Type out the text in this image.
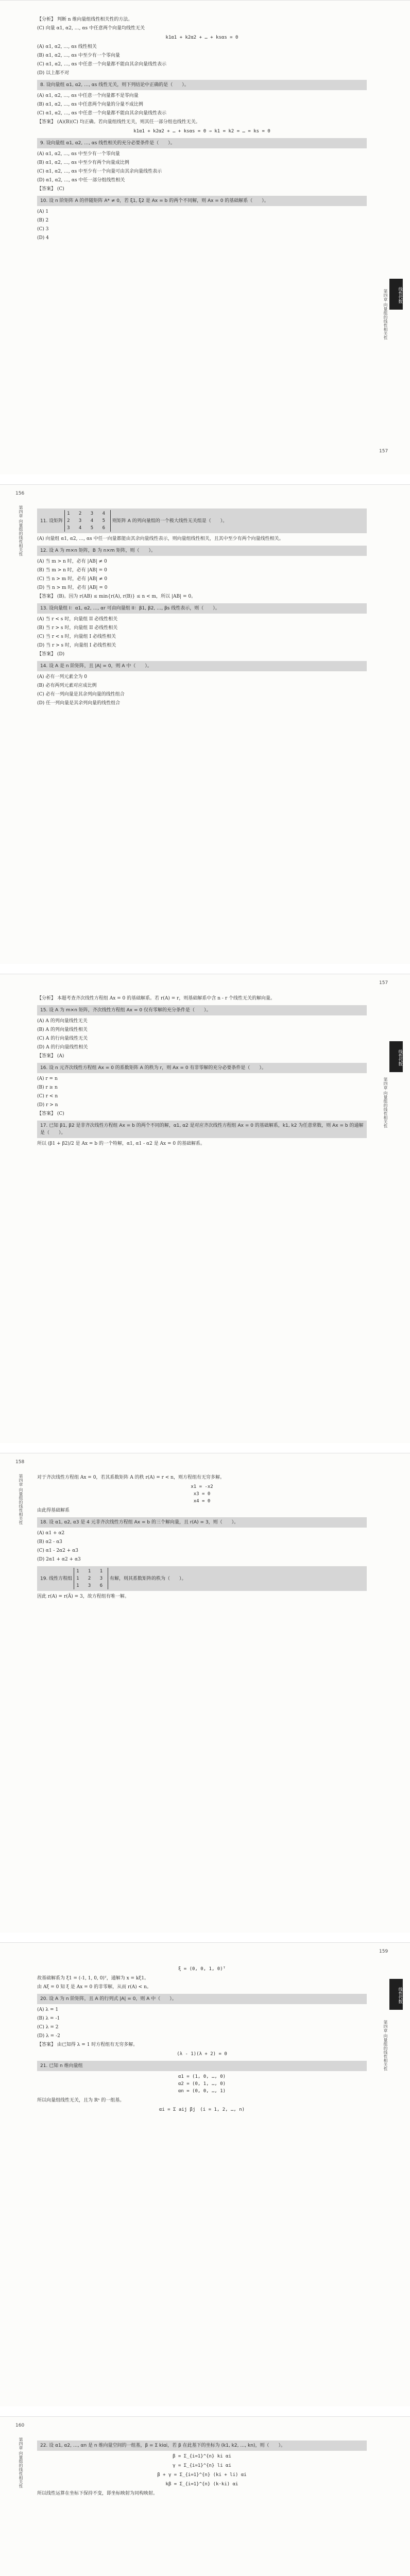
线性代数
第四章 向量组的线性相关性
157

【分析】 判断 n 维向量组线性相关性的方法。

(C) 向量 α1, α2, …, αs 中任意两个向量均线性无关

k1α1 + k2α2 + … + ksαs = 0

(A) α1, α2, …, αs 线性相关

(B) α1, α2, …, αs 中至少有一个零向量

(C) α1, α2, …, αs 中任意一个向量都不能由其余向量线性表示

(D) 以上都不对

8. 设向量组 α1, α2, …, αs 线性无关，则下列结论中正确的是（　　）。

(A) α1, α2, …, αs 中任意一个向量都不是零向量

(B) α1, α2, …, αs 中任意两个向量的分量不成比例

(C) α1, α2, …, αs 中任意一个向量都不能由其余向量线性表示

【答案】 (A)(B)(C) 均正确。若向量组线性无关，则其任一部分组也线性无关。

k1α1 + k2α2 + … + ksαs = 0 ⇒ k1 = k2 = … = ks = 0
9. 设向量组 α1, α2, …, αs 线性相关的充分必要条件是（　　）。

(A) α1, α2, …, αs 中至少有一个零向量

(B) α1, α2, …, αs 中至少有两个向量成比例

(C) α1, α2, …, αs 中至少有一个向量可由其余向量线性表示

(D) α1, α2, …, αs 中任一部分组线性相关

【答案】 (C)

10. 设 n 阶矩阵 A 的伴随矩阵 A* ≠ 0，若 ξ1, ξ2 是 Ax = b 的两个不同解，则 Ax = 0 的基础解系（　　）。

(A) 1

(B) 2

(C) 3

(D) 4

156
第四章 向量组的线性相关性	11. 设矩阵
1 2 3 4
2 3 4 5
3 4 5 6
则矩阵 A 的列向量组的一个极大线性无关组是（　　）。

(A) 向量组 α1, α2, …, αs 中任一向量都能由其余向量线性表示，则向量组线性相关，且其中至少有两个向量线性相关。

12. 设 A 为 m×n 矩阵，B 为 n×m 矩阵，则（　　）。

(A) 当 m > n 时，必有 |AB| ≠ 0

(B) 当 m > n 时，必有 |AB| = 0

(C) 当 n > m 时，必有 |AB| ≠ 0

(D) 当 n > m 时，必有 |AB| = 0

【答案】 (B)。因为 r(AB) ≤ min{r(A), r(B)} ≤ n < m，所以 |AB| = 0。

13. 设向量组 I：α1, α2, …, αr 可由向量组 II：β1, β2, …, βs 线性表示，则（　　）。

(A) 当 r < s 时，向量组 II 必线性相关

(B) 当 r > s 时，向量组 II 必线性相关

(C) 当 r < s 时，向量组 I 必线性相关

(D) 当 r > s 时，向量组 I 必线性相关

【答案】 (D)

14. 设 A 是 n 阶矩阵，且 |A| = 0，则 A 中（　　）。

(A) 必有一列元素全为 0

(B) 必有两列元素对应成比例

(C) 必有一列向量是其余列向量的线性组合

(D) 任一列向量是其余列向量的线性组合

线性代数
第四章 向量组的线性相关性
157

【分析】 本题考查齐次线性方程组 Ax = 0 的基础解系。若 r(A) = r，则基础解系中含 n - r 个线性无关的解向量。

15. 设 A 为 m×n 矩阵，齐次线性方程组 Ax = 0 仅有零解的充分条件是（　　）。

(A) A 的列向量线性无关

(B) A 的列向量线性相关

(C) A 的行向量线性无关

(D) A 的行向量线性相关

【答案】 (A)

16. 设 n 元齐次线性方程组 Ax = 0 的系数矩阵 A 的秩为 r，则 Ax = 0 有非零解的充分必要条件是（　　）。

(A) r = n

(B) r ≥ n

(C) r < n

(D) r > n

【答案】 (C)

17. 已知 β1, β2 是非齐次线性方程组 Ax = b 的两个不同的解，α1, α2 是对应齐次线性方程组 Ax = 0 的基础解系，k1, k2 为任意常数，则 Ax = b 的通解是（　　）。

所以 (β1 + β2)/2 是 Ax = b 的一个特解，α1, α1 - α2 是 Ax = 0 的基础解系。

158
第四章 向量组的线性相关性	对于齐次线性方程组 Ax = 0，若其系数矩阵 A 的秩 r(A) = r < n，则方程组有无穷多解。

x1 = -x2
x3 = 0
x4 = 0

由此得基础解系

18. 设 α1, α2, α3 是 4 元非齐次线性方程组 Ax = b 的三个解向量，且 r(A) = 3，则（　　）。

(A) α1 + α2

(B) α2 - α3

(C) α1 - 2α2 + α3

(D) 2α1 + α2 + α3

19. 线性方程组
1 1 1
1 2 3
1 3 6
有解，则其系数矩阵的秩为（　　）。

因此 r(A) = r(Ā) = 3，故方程组有唯一解。

线性代数
第四章 向量组的线性相关性
159
ξ = (0, 0, 1, 0)ᵀ

故基础解系为 ξ1 = (-1, 1, 0, 0)ᵀ，通解为 x = kξ1。

由 Aξ = 0 知 ξ 是 Ax = 0 的非零解，从而 r(A) < n。

20. 设 A 为 n 阶矩阵，且 A 的行列式 |A| = 0，则 A 中（　　）。

(A) λ = 1

(B) λ = -1

(C) λ = 2

(D) λ = -2

【答案】 由已知得 λ = 1 时方程组有无穷多解。

(λ - 1)(λ + 2) = 0
21. 已知 n 维向量组
α1 = (1, 0, …, 0)
α2 = (0, 1, …, 0)
αn = (0, 0, …, 1)

所以向量组线性无关，且为 Rⁿ 的一组基。

αi = Σ aij βj　(i = 1, 2, …, n)
160
第四章 向量组的线性相关性	22. 设 α1, α2, …, αn 是 n 维向量空间的一组基，β = Σ kiαi，若 β 在此基下的坐标为 (k1, k2, …, kn)，则（　　）。
β = Σ_{i=1}^{n} ki αi
γ = Σ_{i=1}^{n} li αi
β + γ = Σ_{i=1}^{n} (ki + li) αi
kβ = Σ_{i=1}^{n} (k·ki) αi

所以线性运算在坐标下保持不变，即坐标映射为同构映射。
